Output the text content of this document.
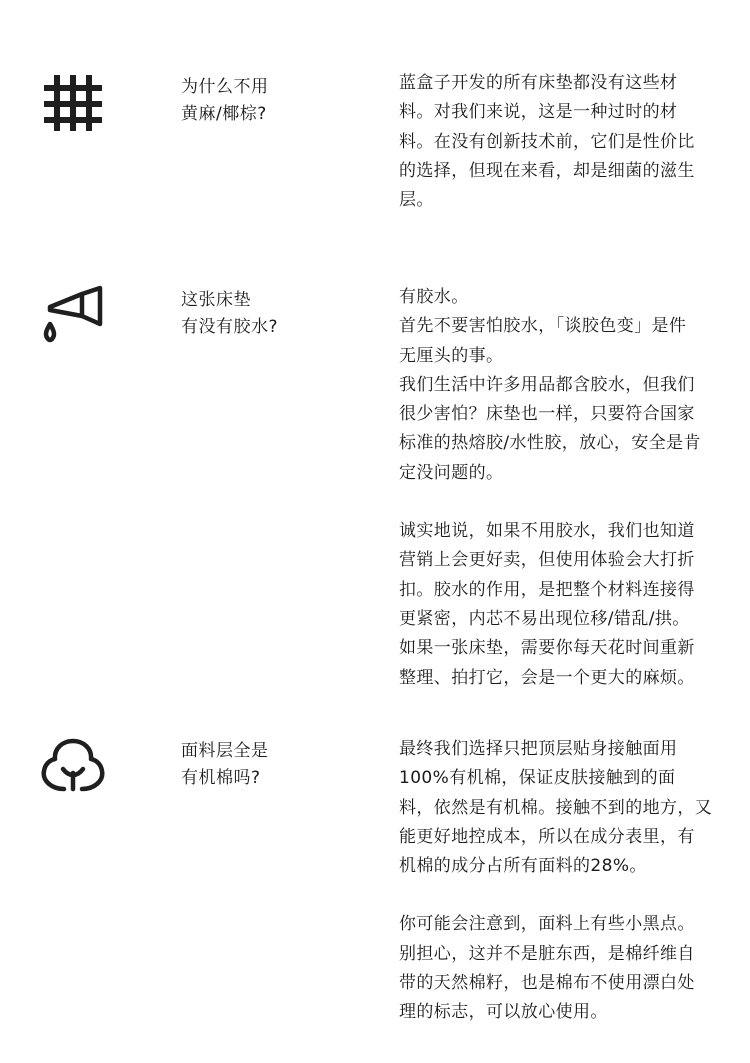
为什么不用
黄麻/椰棕?

蓝盒子开发的所有床垫都没有这些材
料。对我们来说，这是一种过时的材
料。在没有创新技术前，它们是性价比
的选择，但现在来看，却是细菌的滋生
层。

这张床垫
有没有胶水?

有胶水。
首先不要害怕胶水，「谈胶色变」是件
无厘头的事。
我们生活中许多用品都含胶水，但我们
很少害怕？床垫也一样，只要符合国家
标准的热熔胶/水性胶，放心，安全是肯
定没问题的。

诚实地说，如果不用胶水，我们也知道
营销上会更好卖，但使用体验会大打折
扣。胶水的作用，是把整个材料连接得
更紧密，内芯不易出现位移/错乱/拱。
如果一张床垫，需要你每天花时间重新
整理、拍打它，会是一个更大的麻烦。

面料层全是
有机棉吗?

最终我们选择只把顶层贴身接触面用
100%有机棉，保证皮肤接触到的面
料，依然是有机棉。接触不到的地方，又
能更好地控成本，所以在成分表里，有
机棉的成分占所有面料的28%。

你可能会注意到，面料上有些小黑点。
别担心，这并不是脏东西，是棉纤维自
带的天然棉籽，也是棉布不使用漂白处
理的标志，可以放心使用。
